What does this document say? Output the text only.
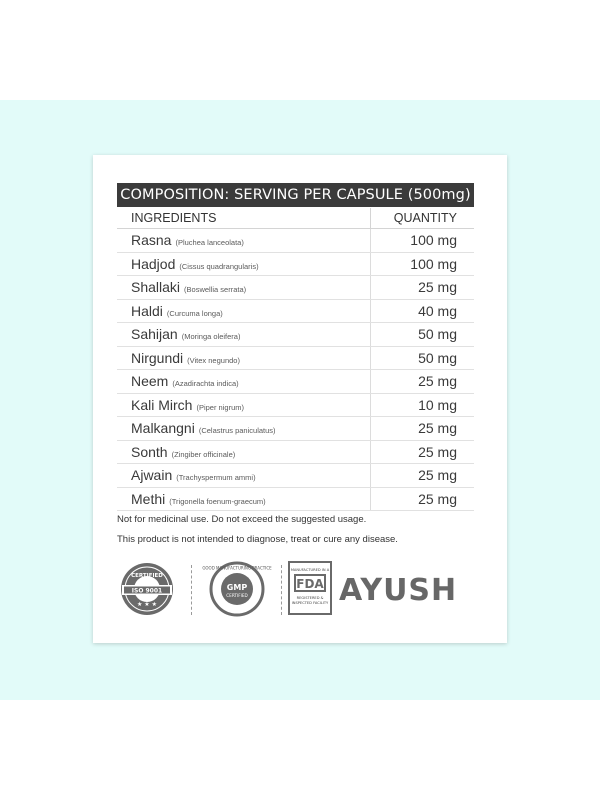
COMPOSITION: SERVING PER CAPSULE (500mg)
INGREDIENTS	QUANTITY
Rasna (Pluchea lanceolata)	100 mg
Hadjod (Cissus quadrangularis)	100 mg
Shallaki (Boswellia serrata)	25 mg
Haldi (Curcuma longa)	40 mg
Sahijan (Moringa oleifera)	50 mg
Nirgundi (Vitex negundo)	50 mg
Neem (Azadirachta indica)	25 mg
Kali Mirch (Piper nigrum)	10 mg
Malkangni (Celastrus paniculatus)	25 mg
Sonth (Zingiber officinale)	25 mg
Ajwain (Trachyspermum ammi)	25 mg
Methi (Trigonella foenum-graecum)	25 mg
Not for medicinal use. Do not exceed the suggested usage.
This product is not intended to diagnose, treat or cure any disease.
CERTIFIED
ISO 9001
★ ★ ★
GOOD MANUFACTURING PRACTICE
GMP
CERTIFIED
MANUFACTURED IN A
FDA
REGISTERED &
INSPECTED FACILITY AYUSH
